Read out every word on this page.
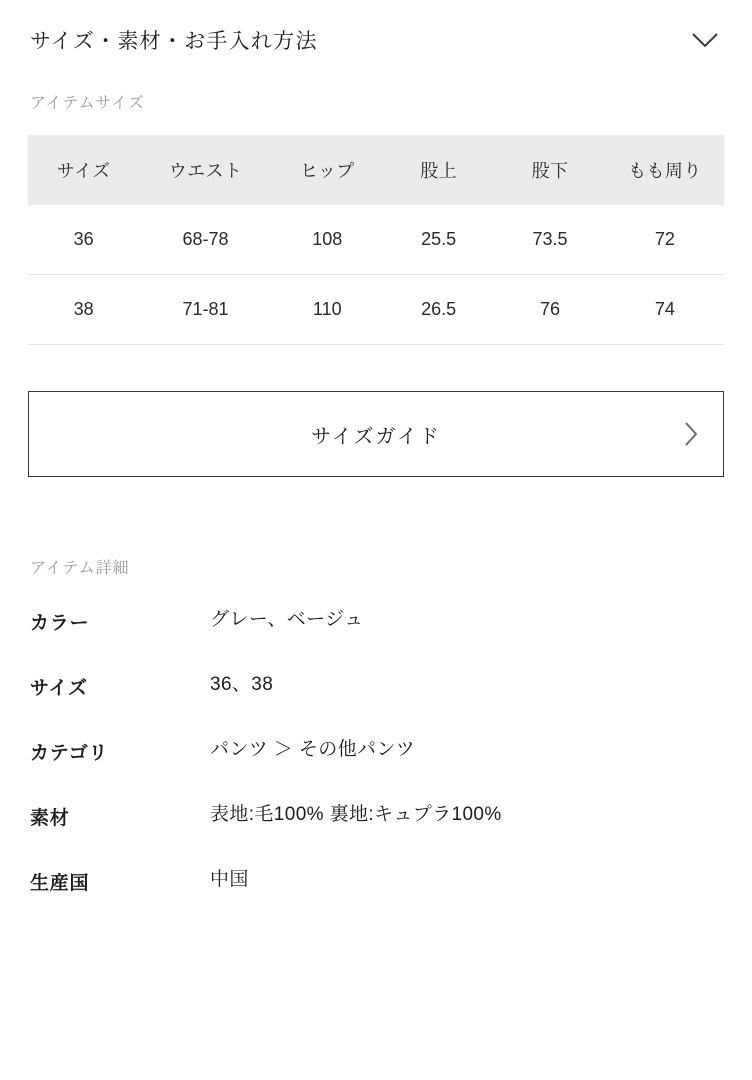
サイズ・素材・お手入れ方法
アイテムサイズ
サイズ	ウエスト	ヒップ	股上	股下	もも周り
36	68-78	108	25.5	73.5	72
38	71-81	110	26.5	76	74
サイズガイド
アイテム詳細
カラー	グレー、ベージュ
サイズ	36、38
カテゴリ	パンツ ＞ その他パンツ
素材	表地:毛100% 裏地:キュプラ100%
生産国	中国
